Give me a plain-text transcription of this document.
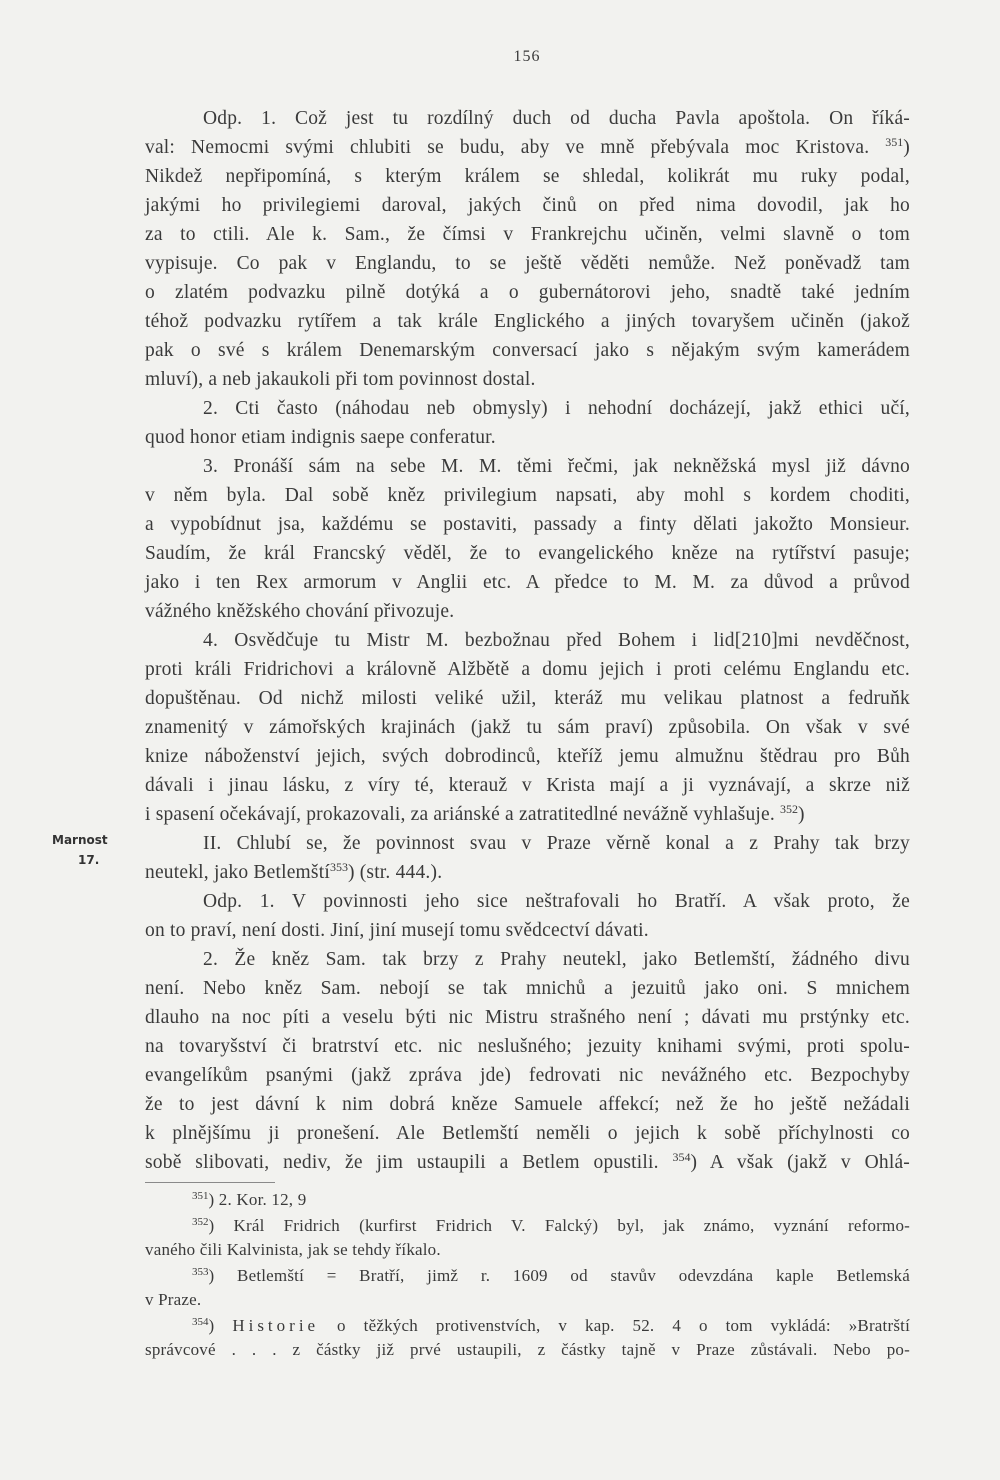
156
Odp. 1. Což jest tu rozdílný duch od ducha Pavla apoštola. On říká-
val: Nemocmi svými chlubiti se budu, aby ve mně přebývala moc Kristova. $^{351}$)
Nikdež nepřipomíná, s kterým králem se shledal, kolikrát mu ruky podal,
jakými ho privilegiemi daroval, jakých činů on před nima dovodil, jak ho
za to ctili. Ale k. Sam., že čímsi v Frankrejchu učiněn, velmi slavně o tom
vypisuje. Co pak v Englandu, to se ještě věděti nemůže. Než poněvadž tam
o zlatém podvazku pilně dotýká a o gubernátorovi jeho, snadtě také jedním
téhož podvazku rytířem a tak krále Englického a jiných tovaryšem učiněn (jakož
pak o své s králem Denemarským conversací jako s nějakým svým kamerádem
mluví), a neb jakaukoli při tom povinnost dostal.
2. Cti často (náhodau neb obmysly) i nehodní docházejí, jakž ethici učí,
quod honor etiam indignis saepe conferatur.
3. Pronáší sám na sebe M. M. těmi řečmi, jak nekněžská mysl již dávno
v něm byla. Dal sobě kněz privilegium napsati, aby mohl s kordem choditi,
a vypobídnut jsa, každému se postaviti, passady a finty dělati jakožto Monsieur.
Saudím, že král Francský věděl, že to evangelického kněze na rytířství pasuje;
jako i ten Rex armorum v Anglii etc. A předce to M. M. za důvod a průvod
vážného kněžského chování přivozuje.
4. Osvědčuje tu Mistr M. bezbožnau před Bohem i lid[210]mi nevděčnost,
proti králi Fridrichovi a královně Alžbětě a domu jejich i proti celému Englandu etc.
dopuštěnau. Od nichž milosti veliké užil, kteráž mu velikau platnost a fedruňk
znamenitý v zámořských krajinách (jakž tu sám praví) způsobila. On však v své
knize náboženství jejich, svých dobrodinců, kteříž jemu almužnu štědrau pro Bůh
dávali i jinau lásku, z víry té, kterauž v Krista mají a ji vyznávají, a skrze niž
i spasení očekávají, prokazovali, za ariánské a zatratitedlné nevážně vyhlašuje. $^{352}$)
II. Chlubí se, že povinnost svau v Praze věrně konal a z Prahy tak brzy
neutekl, jako Betlemští$^{353}$) (str. 444.).
Odp. 1. V povinnosti jeho sice neštrafovali ho Bratří. A však proto, že
on to praví, není dosti. Jiní, jiní musejí tomu svědcectví dávati.
2. Že kněz Sam. tak brzy z Prahy neutekl, jako Betlemští, žádného divu
není. Nebo kněz Sam. nebojí se tak mnichů a jezuitů jako oni. S mnichem
dlauho na noc píti a veselu býti nic Mistru strašného není ; dávati mu prstýnky etc.
na tovaryšství či bratrství etc. nic neslušného; jezuity knihami svými, proti spolu-
evangelíkům psanými (jakž zpráva jde) fedrovati nic nevážného etc. Bezpochyby
že to jest dávní k nim dobrá kněze Samuele affekcí; než že ho ještě nežádali
k plnějšímu ji pronešení. Ale Betlemští neměli o jejich k sobě příchylnosti co
sobě slibovati, nediv, že jim ustaupili a Betlem opustili. $^{354}$) A však (jakž v Ohlá-
Marnost
17.
$^{351}$) 2. Kor. 12, 9
$^{352}$) Král Fridrich (kurfirst Fridrich V. Falcký) byl, jak známo, vyznání reformo-
vaného čili Kalvinista, jak se tehdy říkalo.
$^{353}$) Betlemští = Bratří, jimž r. 1609 od stavův odevzdána kaple Betlemská
v Praze.
$^{354}$) Historie o těžkých protivenstvích, v kap. 52. 4 o tom vykládá: »Bratrští
správcové . . . z částky již prvé ustaupili, z částky tajně v Praze zůstávali. Nebo po-
